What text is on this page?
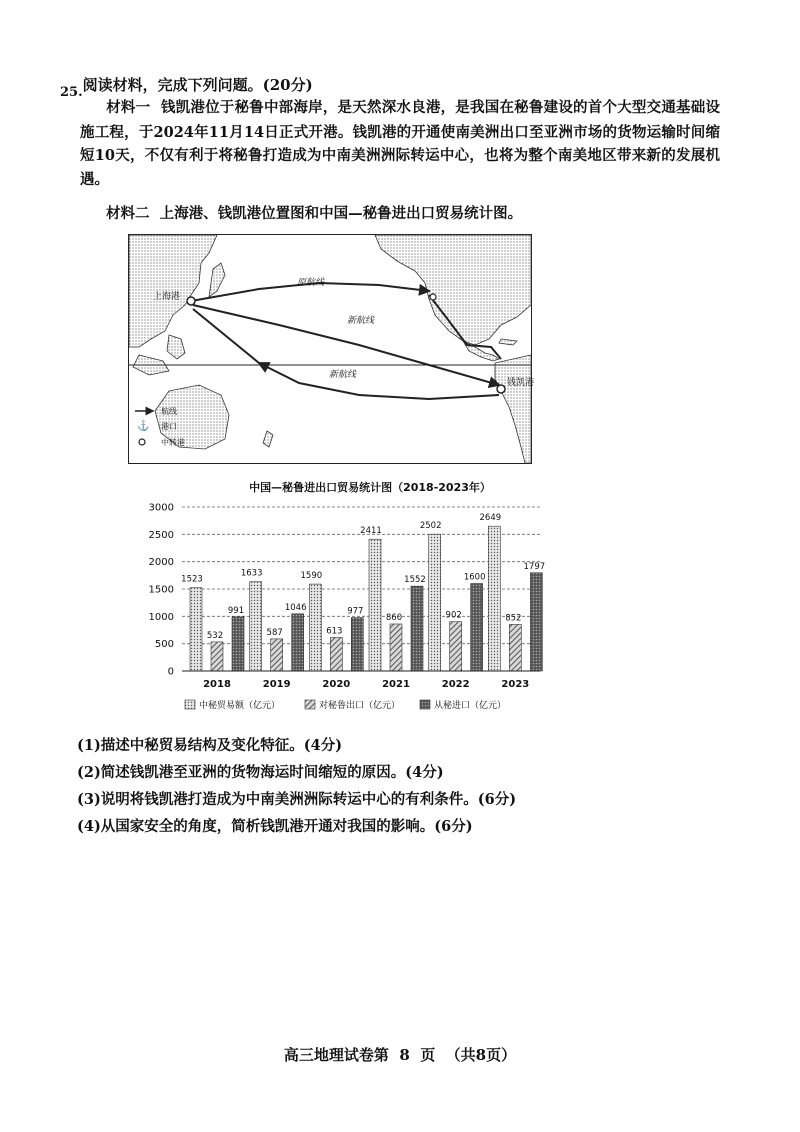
25.阅读材料，完成下列问题。(20分)
材料一 钱凯港位于秘鲁中部海岸，是天然深水良港，是我国在秘鲁建设的首个大型交通基础设施工程，于2024年11月14日正式开港。钱凯港的开通使南美洲出口至亚洲市场的货物运输时间缩短10天，不仅有利于将秘鲁打造成为中南美洲洲际转运中心，也将为整个南美地区带来新的发展机遇。
材料二 上海港、钱凯港位置图和中国—秘鲁进出口贸易统计图。
上海港
钱凯港
原航线
新航线
新航线
航线
⚓ 港口
中转港
中国—秘鲁进出口贸易统计图（2018-2023年）
1523
532
991
1633
587
1046
1590
613
977
2411
860
1552
2502
902
1600
2649
852
1797
0
500
1000
1500
2000
2500
3000
2018	2019	2020	2021	2022	2023
中秘贸易额（亿元）	对秘鲁出口（亿元）	从秘进口（亿元）
(1)描述中秘贸易结构及变化特征。(4分)
(2)简述钱凯港至亚洲的货物海运时间缩短的原因。(4分)
(3)说明将钱凯港打造成为中南美洲洲际转运中心的有利条件。(6分)
(4)从国家安全的角度，简析钱凯港开通对我国的影响。(6分)
高三地理试卷第  8  页  （共8页）
